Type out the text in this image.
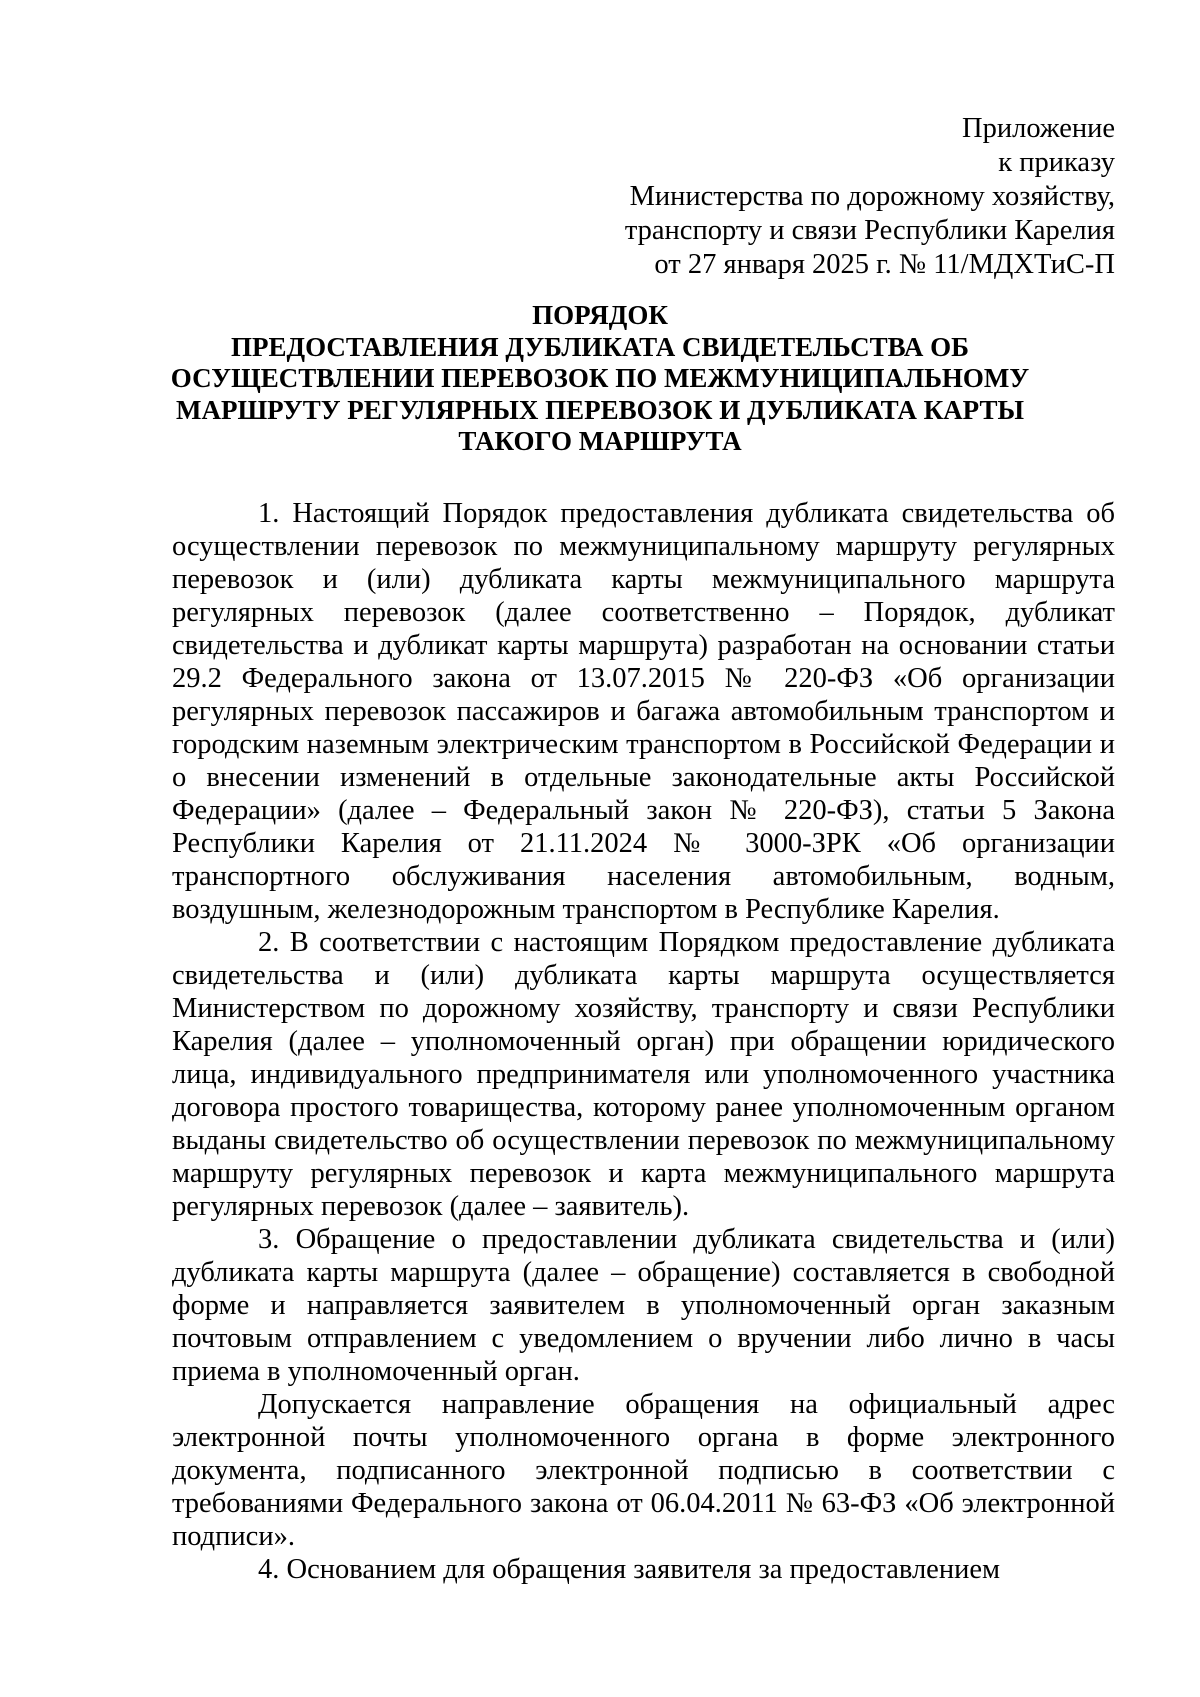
Приложение
к приказу
Министерства по дорожному хозяйству,
транспорту и связи Республики Карелия
от 27 января 2025 г. № 11/МДХТиС-П
ПОРЯДОК
ПРЕДОСТАВЛЕНИЯ ДУБЛИКАТА СВИДЕТЕЛЬСТВА ОБ
ОСУЩЕСТВЛЕНИИ ПЕРЕВОЗОК ПО МЕЖМУНИЦИПАЛЬНОМУ
МАРШРУТУ РЕГУЛЯРНЫХ ПЕРЕВОЗОК И ДУБЛИКАТА КАРТЫ
ТАКОГО МАРШРУТА

1. Настоящий Порядок предоставления дубликата свидетельства об осуществлении перевозок по межмуниципальному маршруту регулярных перевозок и (или) дубликата карты межмуниципального маршрута регулярных перевозок (далее соответственно – Порядок, дубликат свидетельства и дубликат карты маршрута) разработан на основании статьи 29.2 Федерального закона от 13.07.2015 № 220-ФЗ «Об организации регулярных перевозок пассажиров и багажа автомобильным транспортом и городским наземным электрическим транспортом в Российской Федерации и о внесении изменений в отдельные законодательные акты Российской Федерации» (далее – Федеральный закон № 220-ФЗ), статьи 5 Закона Республики Карелия от 21.11.2024 № 3000-ЗРК «Об организации транспортного обслуживания населения автомобильным, водным, воздушным, железнодорожным транспортом в Республике Карелия.

2. В соответствии с настоящим Порядком предоставление дубликата свидетельства и (или) дубликата карты маршрута осуществляется Министерством по дорожному хозяйству, транспорту и связи Республики Карелия (далее – уполномоченный орган) при обращении юридического лица, индивидуального предпринимателя или уполномоченного участника договора простого товарищества, которому ранее уполномоченным органом выданы свидетельство об осуществлении перевозок по межмуниципальному маршруту регулярных перевозок и карта межмуниципального маршрута регулярных перевозок (далее – заявитель).

3. Обращение о предоставлении дубликата свидетельства и (или) дубликата карты маршрута (далее – обращение) составляется в свободной форме и направляется заявителем в уполномоченный орган заказным почтовым отправлением с уведомлением о вручении либо лично в часы приема в уполномоченный орган.

Допускается направление обращения на официальный адрес электронной почты уполномоченного органа в форме электронного документа, подписанного электронной подписью в соответствии с требованиями Федерального закона от 06.04.2011 № 63-ФЗ «Об электронной подписи».

4. Основанием для обращения заявителя за предоставлением
